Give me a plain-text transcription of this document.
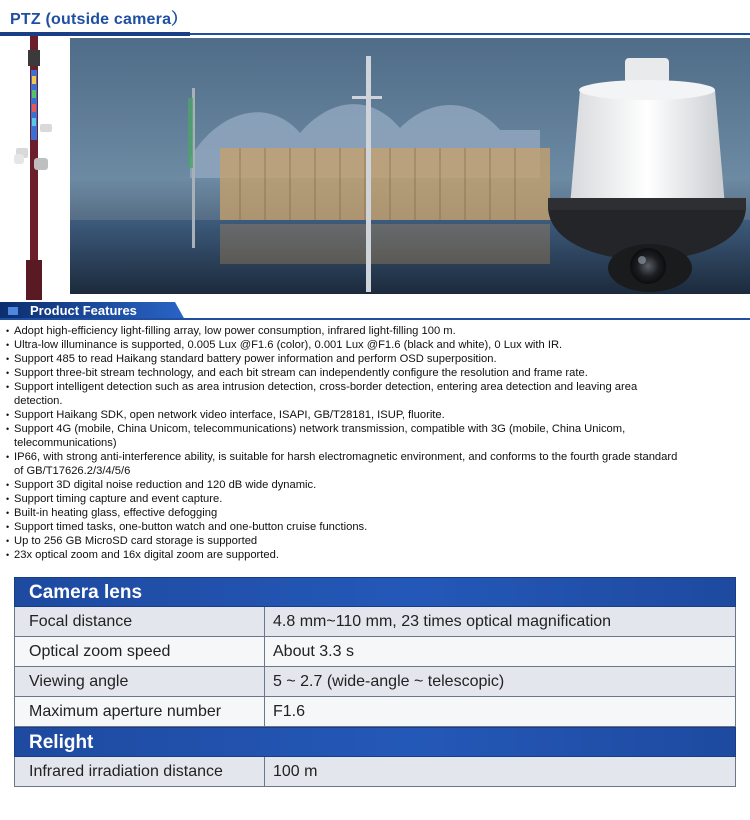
PTZ (outside camera）
Product Features
• Adopt high-efficiency light-filling array, low power consumption, infrared light-filling 100 m.
• Ultra-low illuminance is supported, 0.005 Lux @F1.6 (color), 0.001 Lux @F1.6 (black and white), 0 Lux with IR.
• Support 485 to read Haikang standard battery power information and perform OSD superposition.
• Support three-bit stream technology, and each bit stream can independently configure the resolution and frame rate.
• Support intelligent detection such as area intrusion detection, cross-border detection, entering area detection and leaving area detection.
• Support Haikang SDK, open network video interface, ISAPI, GB/T28181, ISUP, fluorite.
• Support 4G (mobile, China Unicom, telecommunications) network transmission, compatible with 3G (mobile, China Unicom, telecommunications)
• IP66, with strong anti-interference ability, is suitable for harsh electromagnetic environment, and conforms to the fourth grade standard of GB/T17626.2/3/4/5/6
• Support 3D digital noise reduction and 120 dB wide dynamic.
• Support timing capture and event capture.
• Built-in heating glass, effective defogging
• Support timed tasks, one-button watch and one-button cruise functions.
• Up to 256 GB MicroSD card storage is supported
• 23x optical zoom and 16x digital zoom are supported.
Camera lens
Focal distance	4.8 mm~110 mm, 23 times optical magnification
Optical zoom speed	About 3.3 s
Viewing angle	5 ~ 2.7 (wide-angle ~ telescopic)
Maximum aperture number	F1.6
Relight
Infrared irradiation distance	100 m
